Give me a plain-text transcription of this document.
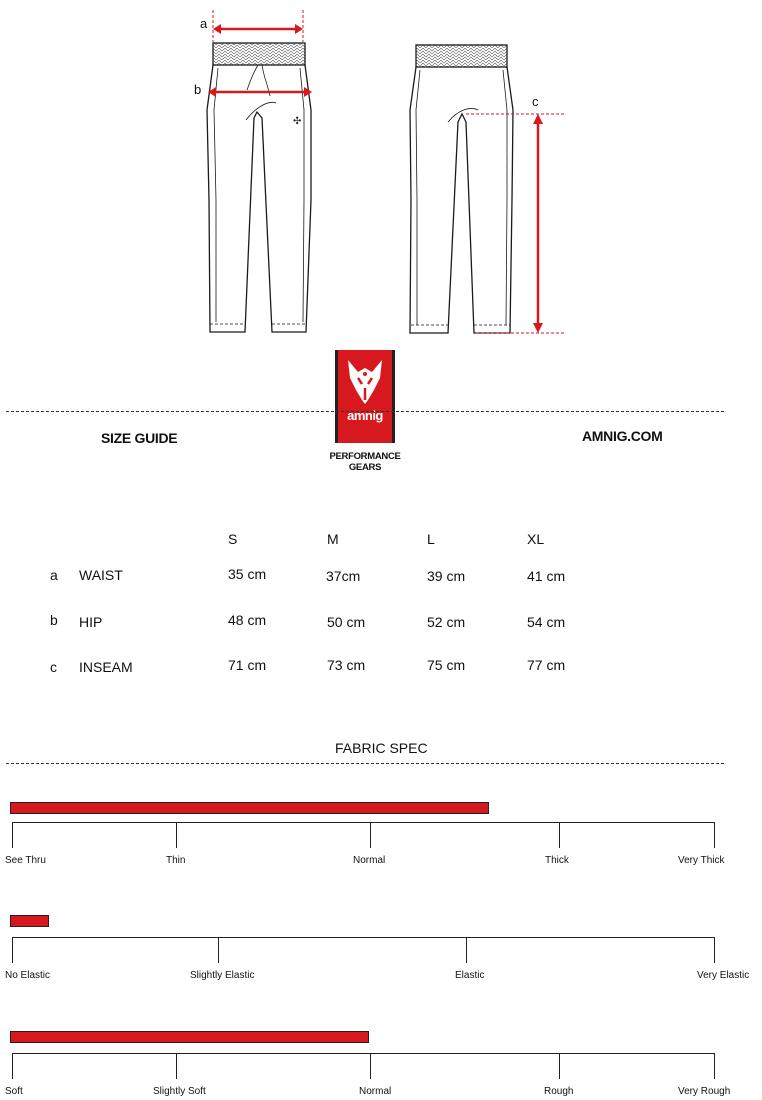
✣
a
b
c
amnig
PERFORMANCE
GEARS
SIZE GUIDE	AMNIG.COM
S	M	L	XL
a WAIST	35 cm	37cm	39 cm	41 cm
b HIP	48 cm	50 cm	52 cm	54 cm
c INSEAM	71 cm	73 cm	75 cm	77 cm
FABRIC SPEC
See Thru	Thin	Normal	Thick	Very Thick
No Elastic	Slightly Elastic	Elastic	Very Elastic
Soft	Slightly Soft	Normal	Rough	Very Rough
